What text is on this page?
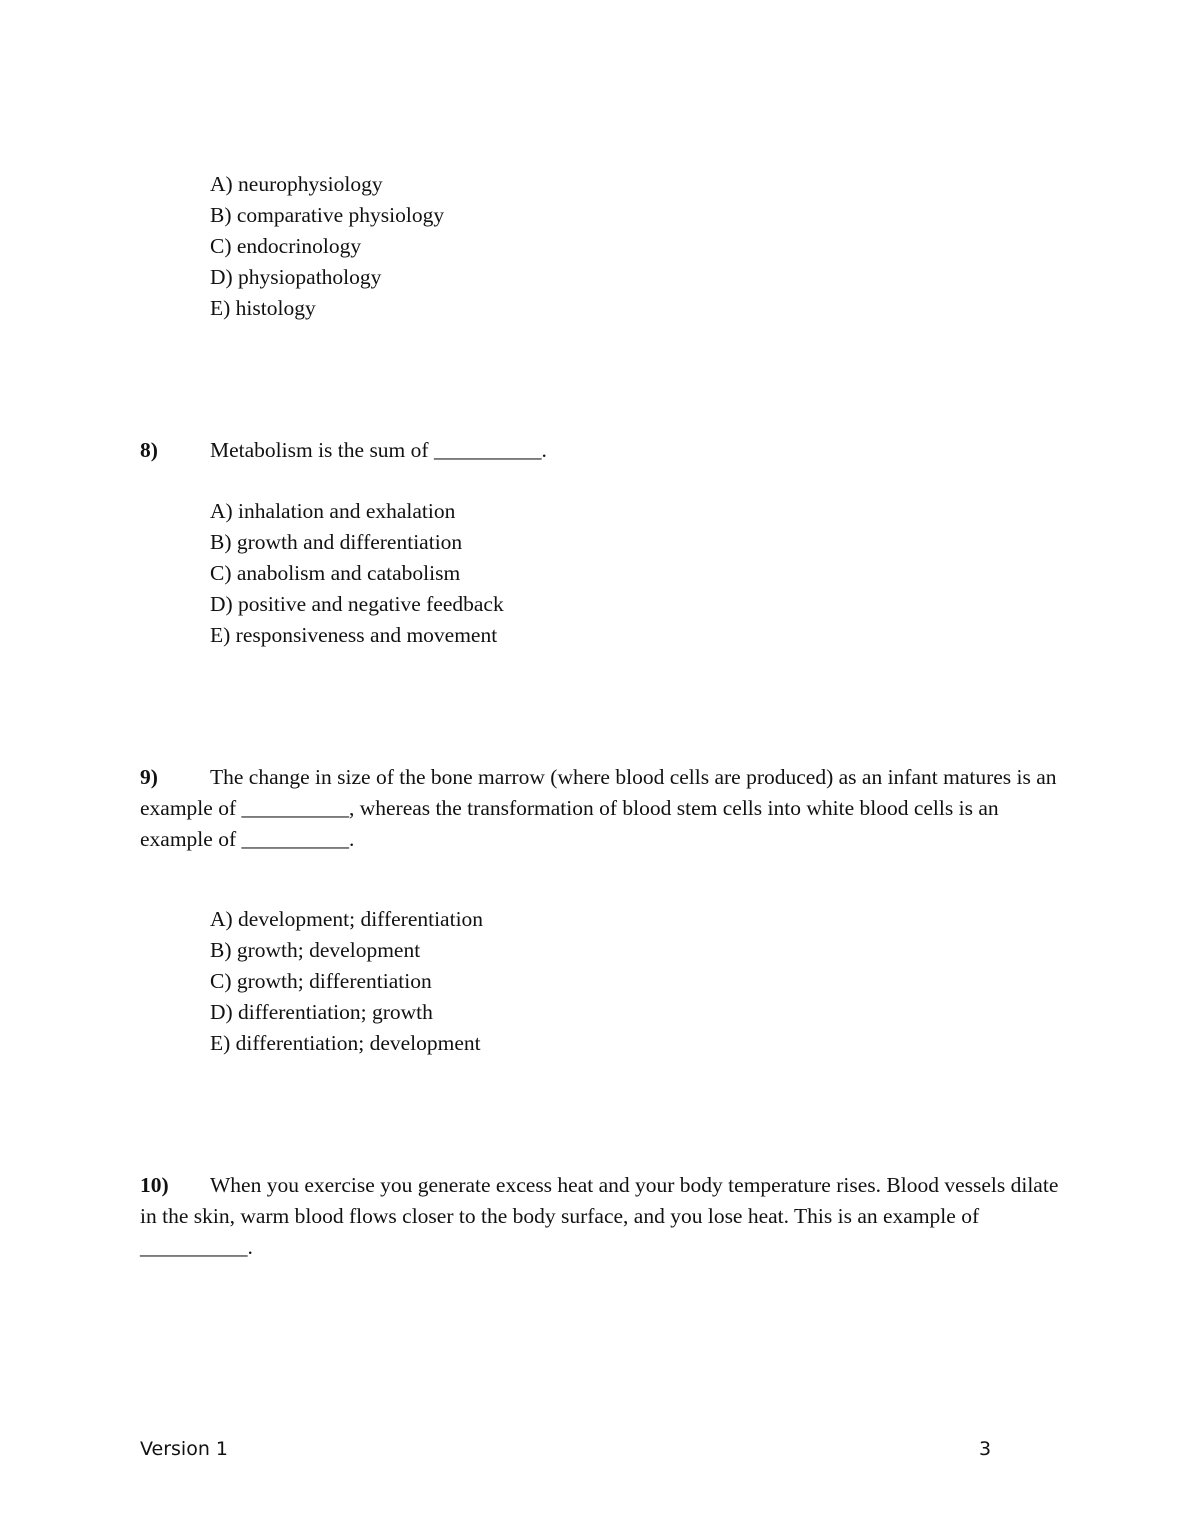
A) neurophysiology
B) comparative physiology
C) endocrinology
D) physiopathology
E) histology
8) Metabolism is the sum of __________.
A) inhalation and exhalation
B) growth and differentiation
C) anabolism and catabolism
D) positive and negative feedback
E) responsiveness and movement
9) The change in size of the bone marrow (where blood cells are produced) as an infant matures is an example of __________, whereas the transformation of blood stem cells into white blood cells is an example of __________.
A) development; differentiation
B) growth; development
C) growth; differentiation
D) differentiation; growth
E) differentiation; development
10) When you exercise you generate excess heat and your body temperature rises. Blood vessels dilate in the skin, warm blood flows closer to the body surface, and you lose heat. This is an example of __________.
Version 1	3
